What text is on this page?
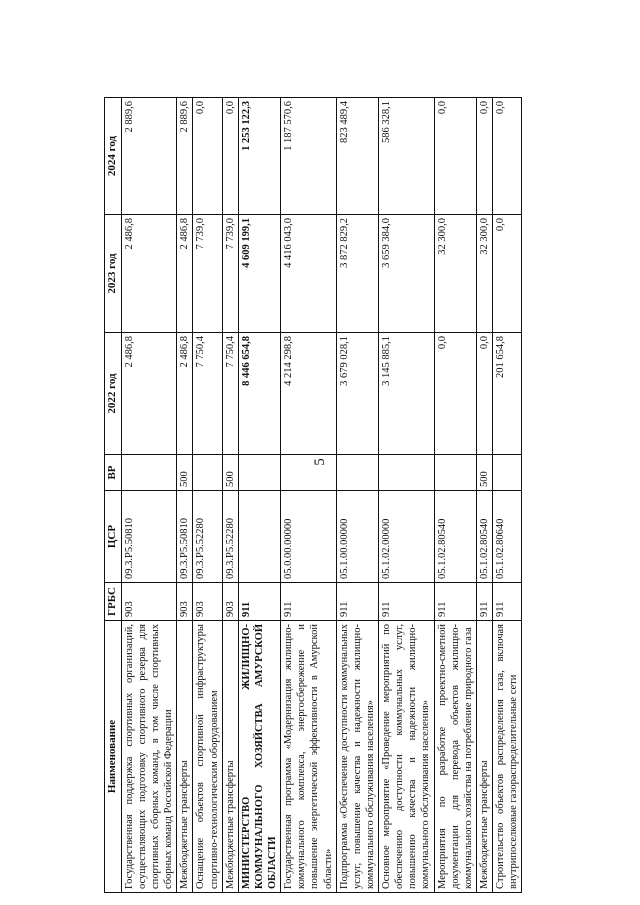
5
Наименование	ГРБС	ЦСР	ВР	2022 год	2023 год	2024 год
Государственная поддержка спортивных организаций, осуществляющих подготовку спортивного резерва для спортивных сборных команд, в том числе спортивных сборных команд Российской Федерации	903	09.3.P5.50810		2 486,8	2 486,8	2 889,6
Межбюджетные трансферты	903	09.3.P5.50810	500	2 486,8	2 486,8	2 889,6
Оснащение объектов спортивной инфраструктуры спортивно-технологическим оборудованием	903	09.3.P5.52280		7 750,4	7 739,0	0,0
Межбюджетные трансферты	903	09.3.P5.52280	500	7 750,4	7 739,0	0,0
МИНИСТЕРСТВО ЖИЛИЩНО-КОММУНАЛЬНОГО ХОЗЯЙСТВА АМУРСКОЙ ОБЛАСТИ	911			8 446 654,8	4 609 199,1	1 253 122,3
Государственная программа «Модернизация жилищно-коммунального комплекса, энергосбережение и повышение энергетической эффективности в Амурской области»	911	05.0.00.00000		4 214 298,8	4 416 043,0	1 187 570,6
Подпрограмма «Обеспечение доступности коммунальных услуг, повышение качества и надежности жилищно-коммунального обслуживания населения»	911	05.1.00.00000		3 679 028,1	3 872 829,2	823 489,4
Основное мероприятие «Проведение мероприятий по обеспечению доступности коммунальных услуг, повышению качества и надежности жилищно-коммунального обслуживания населения»	911	05.1.02.00000		3 145 885,1	3 659 384,0	586 328,1
Мероприятия по разработке проектно-сметной документации для перевода объектов жилищно-коммунального хозяйства на потребление природного газа	911	05.1.02.80540		0,0	32 300,0	0,0
Межбюджетные трансферты	911	05.1.02.80540	500	0,0	32 300,0	0,0
Строительство объектов распределения газа, включая внутрипоселковые газораспределительные сети	911	05.1.02.80640		201 654,8	0,0	0,0
